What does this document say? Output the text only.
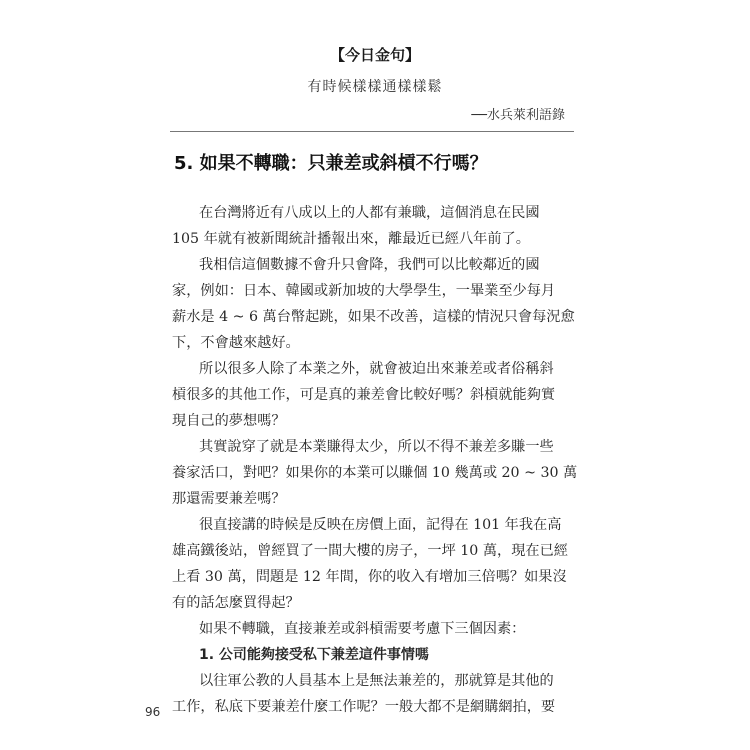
【今日金句】
有時候樣樣通樣樣鬆
──水兵萊利語錄
5. 如果不轉職：只兼差或斜槓不行嗎？
在台灣將近有八成以上的人都有兼職，這個消息在民國
105 年就有被新聞統計播報出來，離最近已經八年前了。
我相信這個數據不會升只會降，我們可以比較鄰近的國
家，例如：日本、韓國或新加坡的大學學生，一畢業至少每月
薪水是 4 ~ 6 萬台幣起跳，如果不改善，這樣的情況只會每況愈
下，不會越來越好。
所以很多人除了本業之外，就會被迫出來兼差或者俗稱斜
槓很多的其他工作，可是真的兼差會比較好嗎？斜槓就能夠實
現自己的夢想嗎？
其實說穿了就是本業賺得太少，所以不得不兼差多賺一些
養家活口，對吧？如果你的本業可以賺個 10 幾萬或 20 ~ 30 萬
那還需要兼差嗎？
很直接講的時候是反映在房價上面，記得在 101 年我在高
雄高鐵後站，曾經買了一間大樓的房子，一坪 10 萬，現在已經
上看 30 萬，問題是 12 年間，你的收入有增加三倍嗎？如果沒
有的話怎麼買得起？
如果不轉職，直接兼差或斜槓需要考慮下三個因素：
1. 公司能夠接受私下兼差這件事情嗎
以往軍公教的人員基本上是無法兼差的，那就算是其他的
工作，私底下要兼差什麼工作呢？一般大都不是網購網拍，要
96
